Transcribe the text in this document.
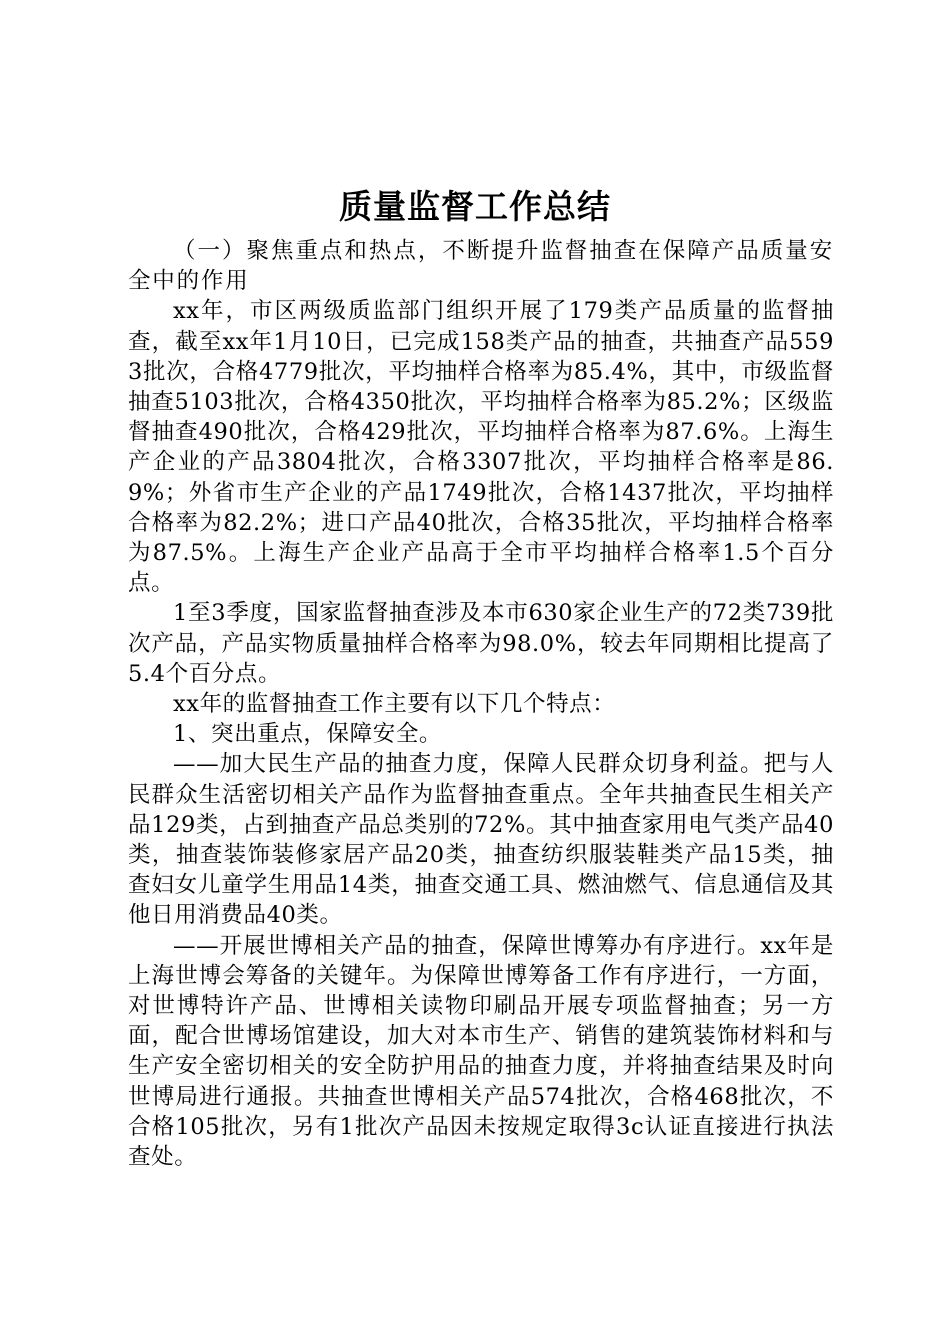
质量监督工作总结

（一）聚焦重点和热点，不断提升监督抽查在保障产品质量安全中的作用

xx年，市区两级质监部门组织开展了179类产品质量的监督抽查，截至xx年1月10日，已完成158类产品的抽查，共抽查产品5593批次，合格4779批次，平均抽样合格率为85.4%，其中，市级监督抽查5103批次，合格4350批次，平均抽样合格率为85.2%；区级监督抽查490批次，合格429批次，平均抽样合格率为87.6%。上海生产企业的产品3804批次，合格3307批次，平均抽样合格率是86.9%；外省市生产企业的产品1749批次，合格1437批次，平均抽样合格率为82.2%；进口产品40批次，合格35批次，平均抽样合格率为87.5%。上海生产企业产品高于全市平均抽样合格率1.5个百分点。

1至3季度，国家监督抽查涉及本市630家企业生产的72类739批次产品，产品实物质量抽样合格率为98.0%，较去年同期相比提高了5.4个百分点。

xx年的监督抽查工作主要有以下几个特点：

1、突出重点，保障安全。

——加大民生产品的抽查力度，保障人民群众切身利益。把与人民群众生活密切相关产品作为监督抽查重点。全年共抽查民生相关产品129类，占到抽查产品总类别的72%。其中抽查家用电气类产品40类，抽查装饰装修家居产品20类，抽查纺织服装鞋类产品15类，抽查妇女儿童学生用品14类，抽查交通工具、燃油燃气、信息通信及其他日用消费品40类。

——开展世博相关产品的抽查，保障世博筹办有序进行。xx年是上海世博会筹备的关键年。为保障世博筹备工作有序进行，一方面，对世博特许产品、世博相关读物印刷品开展专项监督抽查；另一方面，配合世博场馆建设，加大对本市生产、销售的建筑装饰材料和与生产安全密切相关的安全防护用品的抽查力度，并将抽查结果及时向世博局进行通报。共抽查世博相关产品574批次，合格468批次，不合格105批次，另有1批次产品因未按规定取得3c认证直接进行执法查处。
